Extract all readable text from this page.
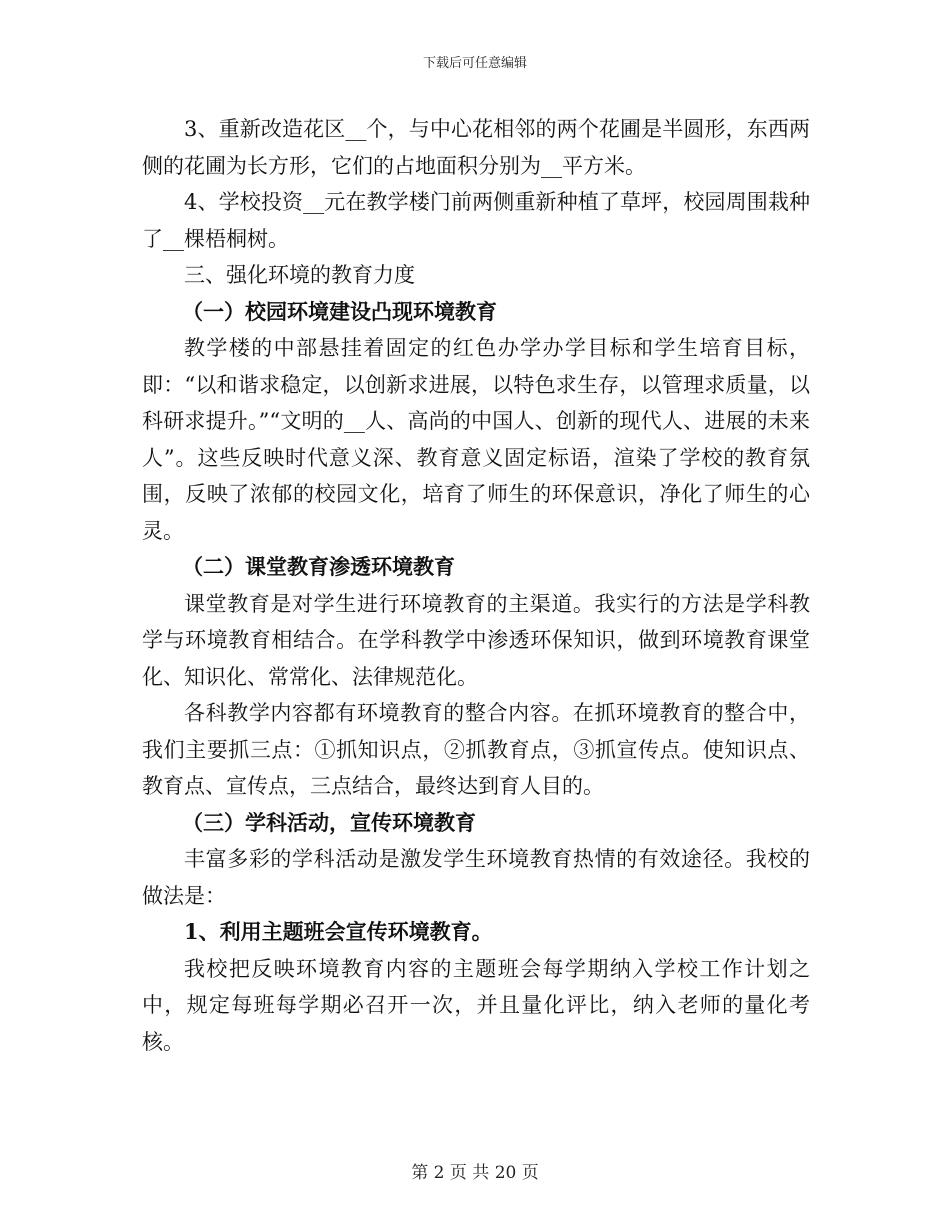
下载后可任意编辑

3、重新改造花区__个，与中心花相邻的两个花圃是半圆形，东西两侧的花圃为长方形，它们的占地面积分别为__平方米。

4、学校投资__元在教学楼门前两侧重新种植了草坪，校园周围栽种了__棵梧桐树。

三、强化环境的教育力度

（一）校园环境建设凸现环境教育

教学楼的中部悬挂着固定的红色办学办学目标和学生培育目标，即：“以和谐求稳定，以创新求进展，以特色求生存，以管理求质量，以科研求提升。”“文明的__人、高尚的中国人、创新的现代人、进展的未来人”。这些反映时代意义深、教育意义固定标语，渲染了学校的教育氛围，反映了浓郁的校园文化，培育了师生的环保意识，净化了师生的心灵。

（二）课堂教育渗透环境教育

课堂教育是对学生进行环境教育的主渠道。我实行的方法是学科教学与环境教育相结合。在学科教学中渗透环保知识，做到环境教育课堂化、知识化、常常化、法律规范化。

各科教学内容都有环境教育的整合内容。在抓环境教育的整合中，我们主要抓三点：①抓知识点，②抓教育点，③抓宣传点。使知识点、教育点、宣传点，三点结合，最终达到育人目的。

（三）学科活动，宣传环境教育

丰富多彩的学科活动是激发学生环境教育热情的有效途径。我校的做法是：

1、利用主题班会宣传环境教育。

我校把反映环境教育内容的主题班会每学期纳入学校工作计划之中，规定每班每学期必召开一次，并且量化评比，纳入老师的量化考核。

第 2 页 共 20 页
